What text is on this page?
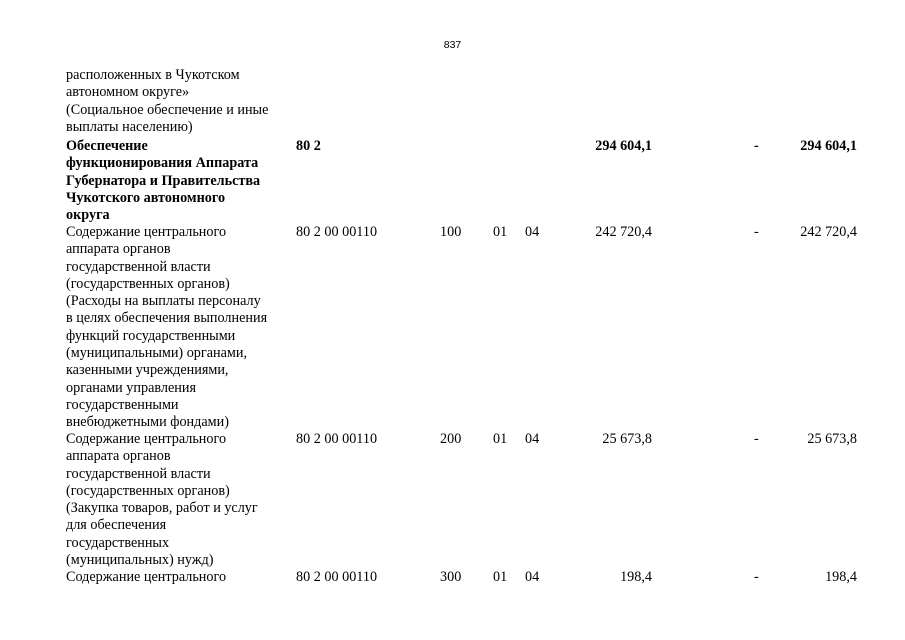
837
расположенных в Чукотском
автономном округе»
(Социальное обеспечение и иные
выплаты населению)
Обеспечение
функционирования Аппарата
Губернатора и Правительства
Чукотского автономного
округа
80 2	294 604,1	-	294 604,1
Содержание центрального
аппарата органов
государственной власти
(государственных органов)
(Расходы на выплаты персоналу
в целях обеспечения выполнения
функций государственными
(муниципальными) органами,
казенными учреждениями,
органами управления
государственными
внебюджетными фондами)
80 2 00 00110	100 01 04	242 720,4	-	242 720,4
Содержание центрального
аппарата органов
государственной власти
(государственных органов)
(Закупка товаров, работ и услуг
для обеспечения
государственных
(муниципальных) нужд)
80 2 00 00110	200 01 04	25 673,8	-	25 673,8
Содержание центрального	80 2 00 00110	300 01 04	198,4	-	198,4
